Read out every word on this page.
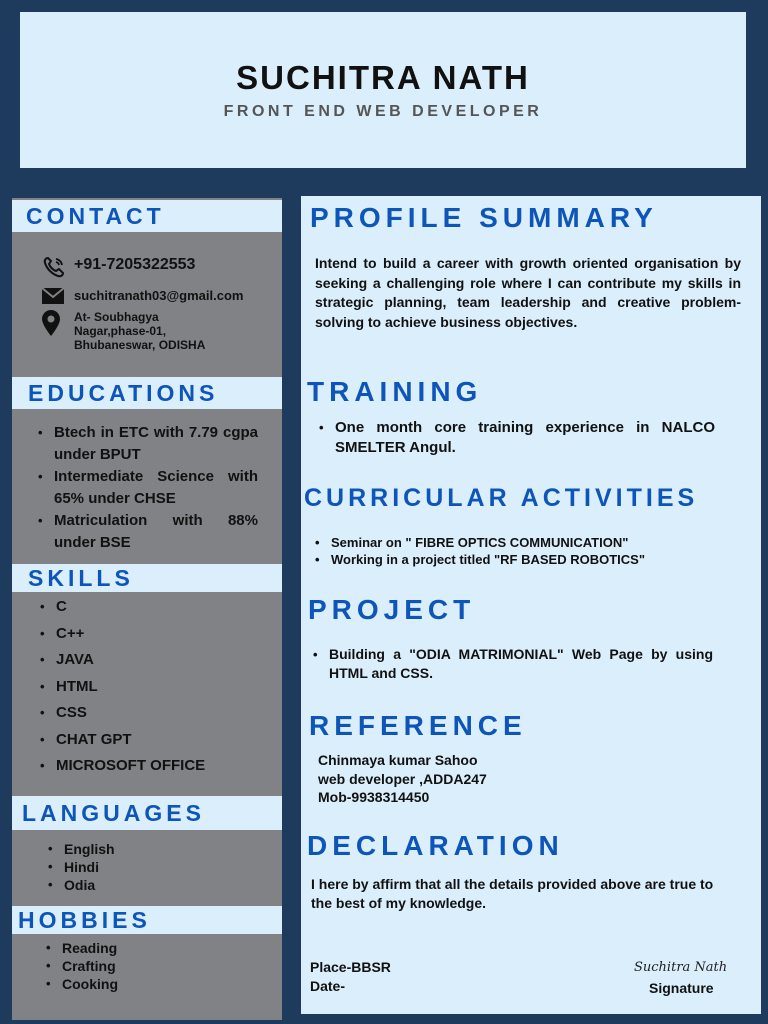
SUCHITRA NATH
FRONT END WEB DEVELOPER
CONTACT
+91-7205322553
suchitranath03@gmail.com
At- Soubhagya
Nagar,phase-01,
Bhubaneswar, ODISHA
EDUCATIONS
• Btech in ETC with 7.79 cgpa under BPUT
• Intermediate Science with 65% under CHSE
• Matriculation with 88% under BSE
SKILLS
• C
• C++
• JAVA
• HTML
• CSS
• CHAT GPT
• MICROSOFT OFFICE
LANGUAGES
• English
• Hindi
• Odia
HOBBIES
• Reading
• Crafting
• Cooking
PROFILE SUMMARY
Intend to build a career with growth oriented organisation by seeking a challenging role where I can contribute my skills in strategic planning, team leadership and creative problem-solving to achieve business objectives.
TRAINING
• One month core training experience in NALCO SMELTER Angul.
CURRICULAR ACTIVITIES
• Seminar on " FIBRE OPTICS COMMUNICATION"
• Working in a project titled "RF BASED ROBOTICS"
PROJECT
• Building a "ODIA MATRIMONIAL" Web Page by using HTML and CSS.
REFERENCE
Chinmaya kumar Sahoo
web developer ,ADDA247
Mob-9938314450
DECLARATION
I here by affirm that all the details provided above are true to the best of my knowledge.
Place-BBSR
Date-
Suchitra Nath
Signature
